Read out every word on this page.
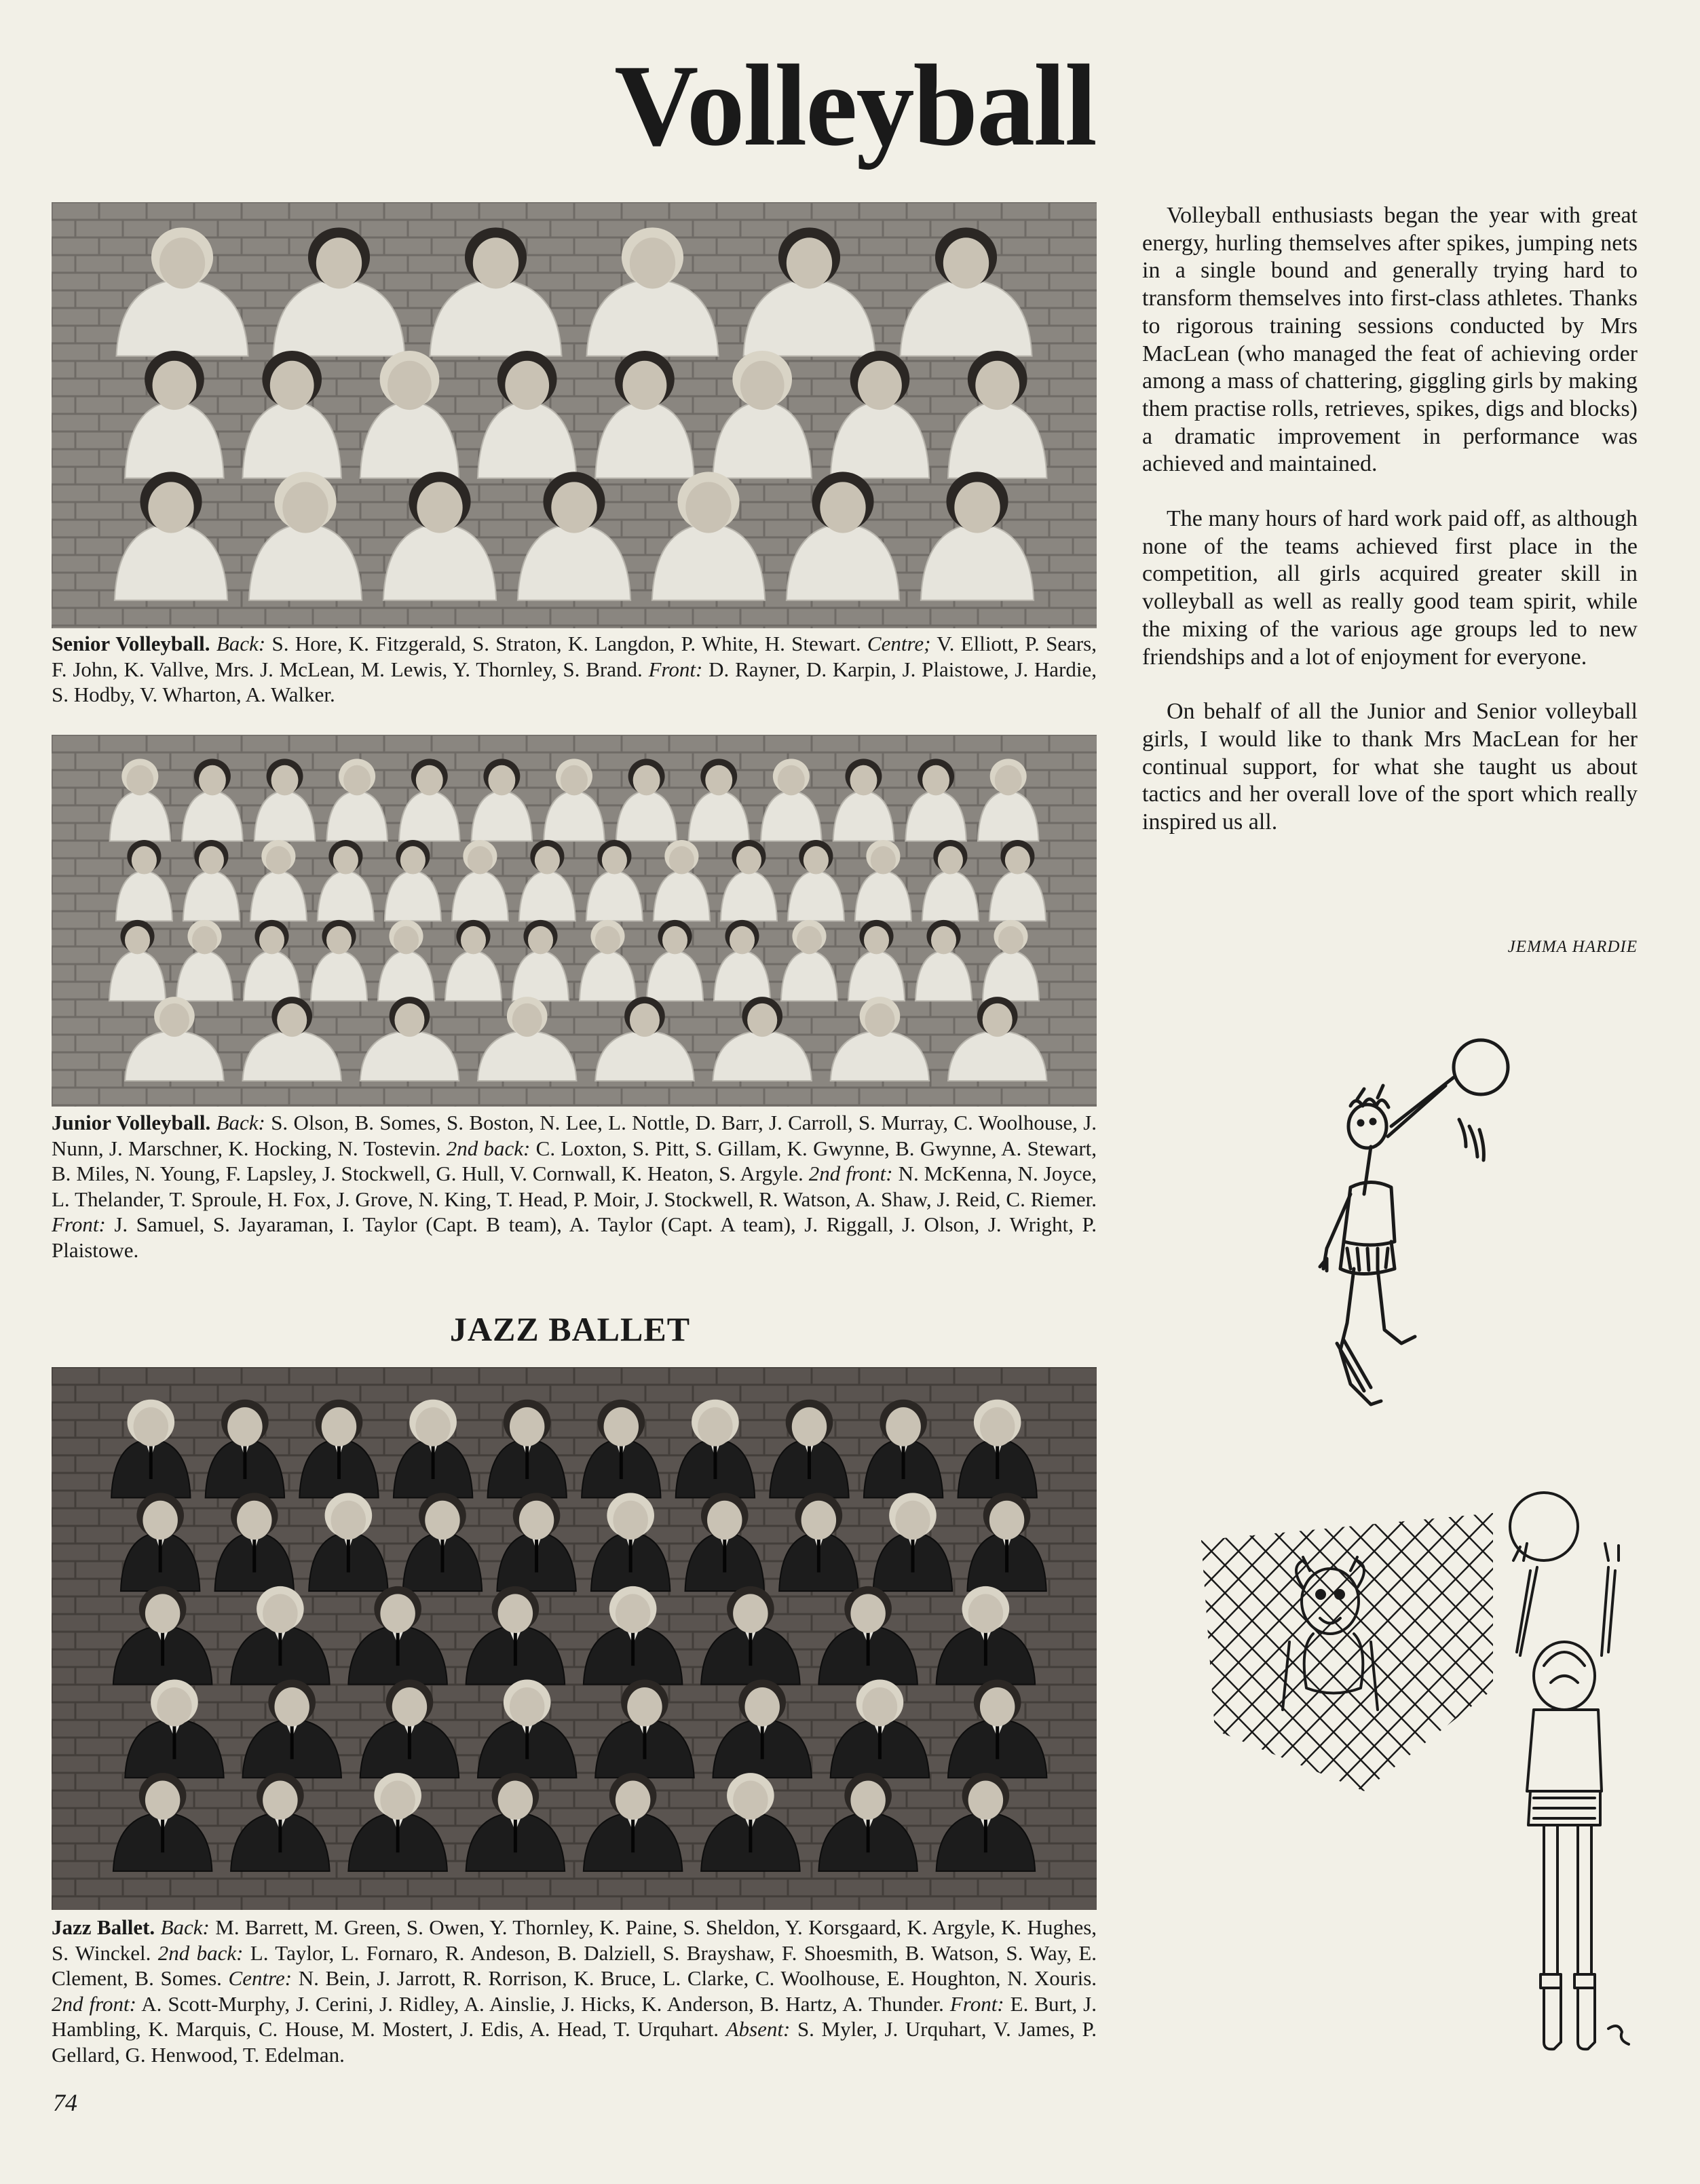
Volleyball
Senior Volleyball. Back: S. Hore, K. Fitzgerald, S. Straton, K. Langdon, P. White, H. Stewart. Centre; V. Elliott, P. Sears, F. John, K. Vallve, Mrs. J. McLean, M. Lewis, Y. Thornley, S. Brand. Front: D. Rayner, D. Karpin, J. Plaistowe, J. Hardie, S. Hodby, V. Wharton, A. Walker.
Junior Volleyball. Back: S. Olson, B. Somes, S. Boston, N. Lee, L. Nottle, D. Barr, J. Carroll, S. Murray, C. Woolhouse, J. Nunn, J. Marschner, K. Hocking, N. Tostevin. 2nd back: C. Loxton, S. Pitt, S. Gillam, K. Gwynne, B. Gwynne, A. Stewart, B. Miles, N. Young, F. Lapsley, J. Stockwell, G. Hull, V. Cornwall, K. Heaton, S. Argyle. 2nd front: N. McKenna, N. Joyce, L. Thelander, T. Sproule, H. Fox, J. Grove, N. King, T. Head, P. Moir, J. Stockwell, R. Watson, A. Shaw, J. Reid, C. Riemer. Front: J. Samuel, S. Jayaraman, I. Taylor (Capt. B team), A. Taylor (Capt. A team), J. Riggall, J. Olson, J. Wright, P. Plaistowe.
JAZZ BALLET
Jazz Ballet. Back: M. Barrett, M. Green, S. Owen, Y. Thornley, K. Paine, S. Sheldon, Y. Korsgaard, K. Argyle, K. Hughes, S. Winckel. 2nd back: L. Taylor, L. Fornaro, R. Andeson, B. Dalziell, S. Brayshaw, F. Shoesmith, B. Watson, S. Way, E. Clement, B. Somes. Centre: N. Bein, J. Jarrott, R. Rorrison, K. Bruce, L. Clarke, C. Woolhouse, E. Houghton, N. Xouris. 2nd front: A. Scott-Murphy, J. Cerini, J. Ridley, A. Ainslie, J. Hicks, K. Anderson, B. Hartz, A. Thunder. Front: E. Burt, J. Hambling, K. Marquis, C. House, M. Mostert, J. Edis, A. Head, T. Urquhart. Absent: S. Myler, J. Urquhart, V. James, P. Gellard, G. Henwood, T. Edelman.

Volleyball enthusiasts began the year with great energy, hurling themselves after spikes, jumping nets in a single bound and generally trying hard to transform themselves into first-class athletes. Thanks to rigorous training sessions conducted by Mrs MacLean (who managed the feat of achieving order among a mass of chattering, giggling girls by making them practise rolls, retrieves, spikes, digs and blocks) a dramatic improvement in performance was achieved and maintained.

The many hours of hard work paid off, as although none of the teams achieved first place in the competition, all girls acquired greater skill in volleyball as well as really good team spirit, while the mixing of the various age groups led to new friendships and a lot of enjoyment for everyone.

On behalf of all the Junior and Senior volleyball girls, I would like to thank Mrs MacLean for her continual support, for what she taught us about tactics and her overall love of the sport which really inspired us all.

JEMMA HARDIE
74
